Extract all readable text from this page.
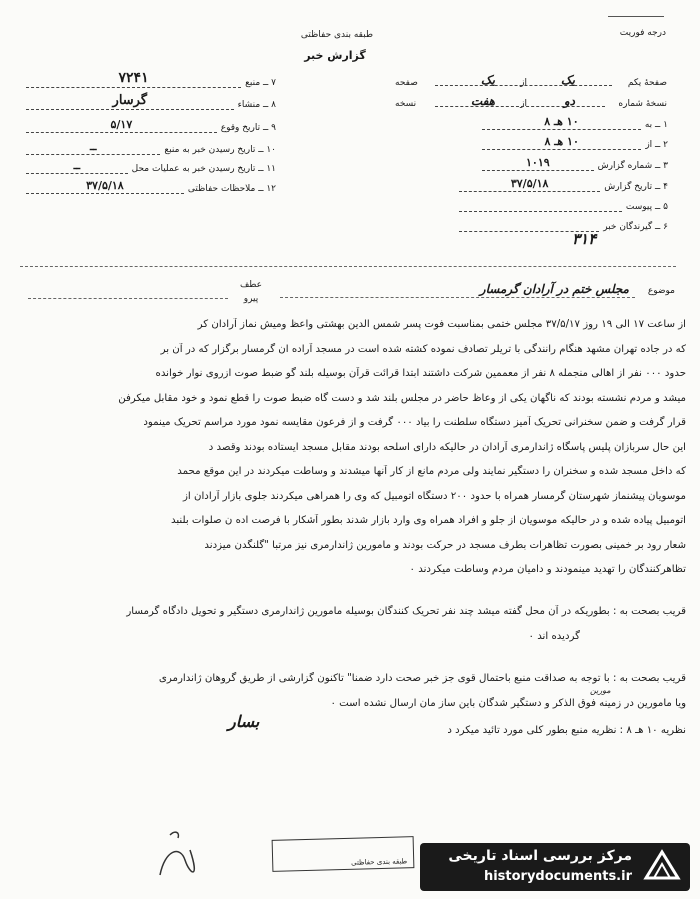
طبقه بندی حفاظتی
گزارش خبر
درجه فوریت
۷ ــ منبع
۷۲۴۱
۸ ــ منشاء
گرسار
۹ ــ تاریخ وقوع
۵/۱۷
۱۰ ــ تاریخ رسیدن خبر به منبع
ــ
۱۱ ــ تاریخ رسیدن خبر به عملیات محل
ــ
۱۲ ــ ملاحظات حفاظتی
۳۷/۵/۱۸
صفحهٔ یکم
یک
از
یک
صفحه
نسخهٔ شماره
دو
از
هفت
نسخه
۱ ــ به
۱۰ هـ ۸
۲ ــ از
۱۰ هـ ۸
۳ ــ شماره گزارش
۱۰۱۹
۴ ــ تاریخ گزارش
۳۷/۵/۱۸
۵ ــ پیوست
۶ ــ گیرندگان خبر
۳۱۴
عطف
پیرو
موضوع
مجلس ختم در آرادان گرمسار
از ساعت ۱۷ الی ۱۹ روز ۳۷/۵/۱۷ مجلس ختمی بمناسبت فوت پسر شمس الدین بهشتی واعظ ومیش نماز آرادان کر
که در جاده تهران مشهد هنگام رانندگی با تریلر تصادف نموده کشته شده است در مسجد آراده ان گرمسار برگزار که در آن بر
حدود ۰۰۰ نفر از اهالی منجمله ۸ نفر از معممین شرکت داشتند ابتدا قرائت قرآن بوسیله بلند گو ضبط صوت ازروی نوار خوانده
میشد و مردم نشسته بودند که ناگهان یکی از وعاظ حاضر در مجلس بلند شد و دست گاه ضبط صوت را قطع نمود و خود مقابل میکرفن
قرار گرفت و ضمن سخنرانی تحریک آمیز دستگاه سلطنت را بیاد ۰۰۰ گرفت و از فرعون مقایسه نمود مورد مراسم تحریک مینمود
این حال سربازان پلیس پاسگاه ژاندارمری آرادان در حالیکه دارای اسلحه بودند مقابل مسجد ایستاده بودند وقصد د
که داخل مسجد شده و سخنران را دستگیر نمایند ولی مردم مانع از کار آنها میشدند و وساطت میکردند در این موقع محمد
موسویان پیشنماز شهرستان گرمسار همراه با حدود ۲۰۰ دستگاه اتومبیل که وی را همراهی میکردند جلوی بازار آرادان از
اتومبیل پیاده شده و در حالیکه موسویان از جلو و افراد همراه وی وارد بازار شدند بطور آشکار با فرصت اده ن صلوات بلنبد
شعار رود بر خمینی بصورت تظاهرات بطرف مسجد در حرکت بودند و مامورین ژاندارمری نیز مرتبا "گلنگدن میزدند
تظاهرکنندگان را تهدید مینمودند و دامیان مردم وساطت میکردند ۰
قریب بصحت به : بطوریکه در آن محل گفته میشد چند نفر تحریک کنندگان بوسیله مامورین ژاندارمری دستگیر و تحویل دادگاه گرمسار
گردیده اند ۰
قریب بصحت به : با توجه به صداقت منبع باحتمال قوی جز خبر صحت دارد ضمنا" تاکنون گزارشی از طریق گروهان ژاندارمری
مورین
ویا مامورین در زمینه فوق الذکر و دستگیر شدگان باین ساز مان ارسال نشده است ۰
بسار	نظریه ۱۰ هـ ۸ : نظریه منبع بطور کلی مورد تائید میکرد د
طبقه بندی حفاظتی	مرکز بررسی اسناد تاریخی
historydocuments.ir
